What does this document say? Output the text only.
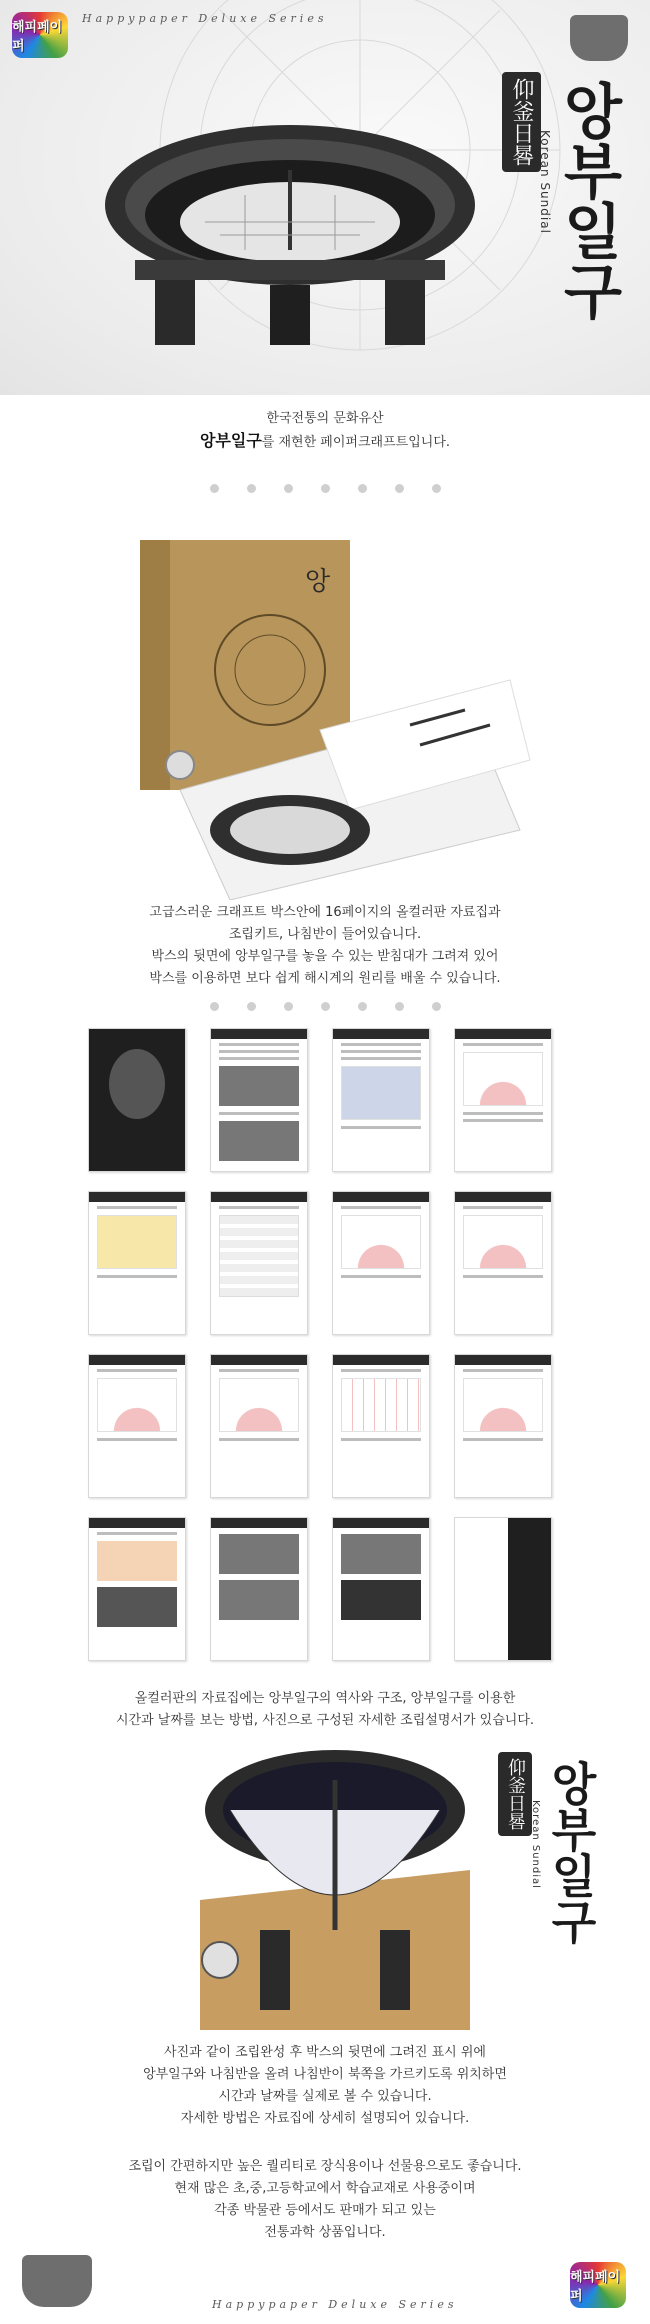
해피페이퍼
Happypaper Deluxe Series
仰釜日晷
Korean Sundial 앙부일구
한국전통의 문화유산
앙부일구를 재현한 페이퍼크래프트입니다.
앙
고급스러운 크래프트 박스안에 16페이지의 올컬러판 자료집과
조립키트, 나침반이 들어있습니다.
박스의 뒷면에 앙부일구를 놓을 수 있는 받침대가 그려져 있어
박스를 이용하면 보다 쉽게 해시계의 원리를 배울 수 있습니다.
올컬러판의 자료집에는 앙부일구의 역사와 구조, 앙부일구를 이용한
시간과 날짜를 보는 방법, 사진으로 구성된 자세한 조립설명서가 있습니다.
仰釜日晷
Korean Sundial 앙부일구
사진과 같이 조립완성 후 박스의 뒷면에 그려진 표시 위에
앙부일구와 나침반을 올려 나침반이 북쪽을 가르키도록 위치하면
시간과 날짜를 실제로 볼 수 있습니다.
자세한 방법은 자료집에 상세히 설명되어 있습니다.
조립이 간편하지만 높은 퀄리티로 장식용이나 선물용으로도 좋습니다.
현재 많은 초,중,고등학교에서 학습교재로 사용중이며
각종 박물관 등에서도 판매가 되고 있는
전통과학 상품입니다.
Happypaper Deluxe Series
해피페이퍼
